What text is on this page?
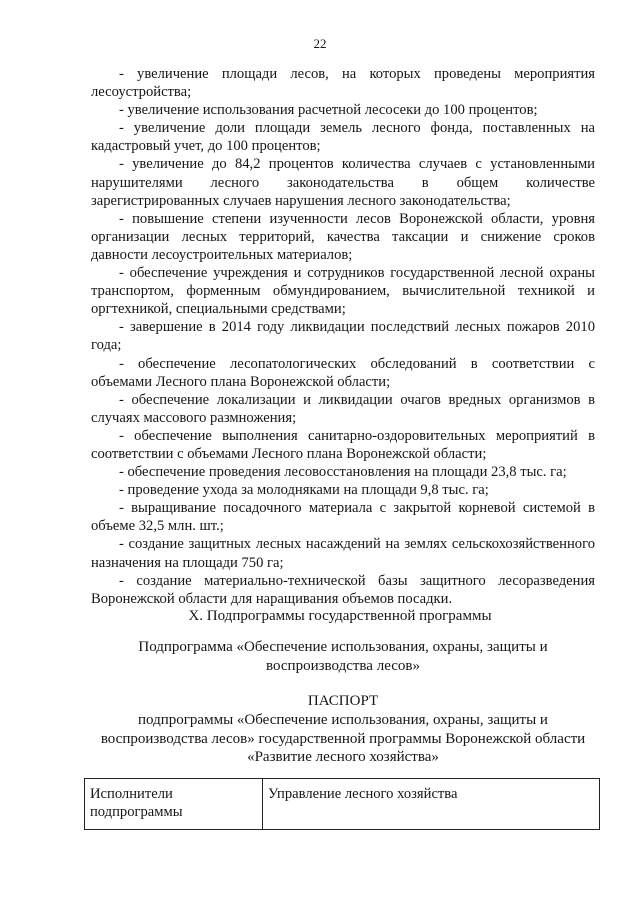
22

- увеличение площади лесов, на которых проведены мероприятия лесоустройства;

- увеличение использования расчетной лесосеки до 100 процентов;

- увеличение доли площади земель лесного фонда, поставленных на кадастровый учет, до 100 процентов;

- увеличение до 84,2 процентов количества случаев с установленными нарушителями лесного законодательства в общем количестве зарегистрированных случаев нарушения лесного законодательства;

- повышение степени изученности лесов Воронежской области, уровня организации лесных территорий, качества таксации и снижение сроков давности лесоустроительных материалов;

- обеспечение учреждения и сотрудников государственной лесной охраны транспортом, форменным обмундированием, вычислительной техникой и оргтехникой, специальными средствами;

- завершение в 2014 году ликвидации последствий лесных пожаров 2010 года;

- обеспечение лесопатологических обследований в соответствии с объемами Лесного плана Воронежской области;

- обеспечение локализации и ликвидации очагов вредных организмов в случаях массового размножения;

- обеспечение выполнения санитарно-оздоровительных мероприятий в соответствии с объемами Лесного плана Воронежской области;

- обеспечение проведения лесовосстановления на площади 23,8 тыс. га;

- проведение ухода за молодняками на площади 9,8 тыс. га;

- выращивание посадочного материала с закрытой корневой системой в объеме 32,5 млн. шт.;

- создание защитных лесных насаждений на землях сельскохозяйственного назначения на площади 750 га;

- создание материально-технической базы защитного лесоразведения Воронежской области для наращивания объемов посадки.

X. Подпрограммы государственной программы
Подпрограмма «Обеспечение использования, охраны, защиты и воспроизводства лесов»
ПАСПОРТ
подпрограммы «Обеспечение использования, охраны, защиты и воспроизводства лесов» государственной программы Воронежской области «Развитие лесного хозяйства»
Исполнители подпрограммы	Управление лесного хозяйства
